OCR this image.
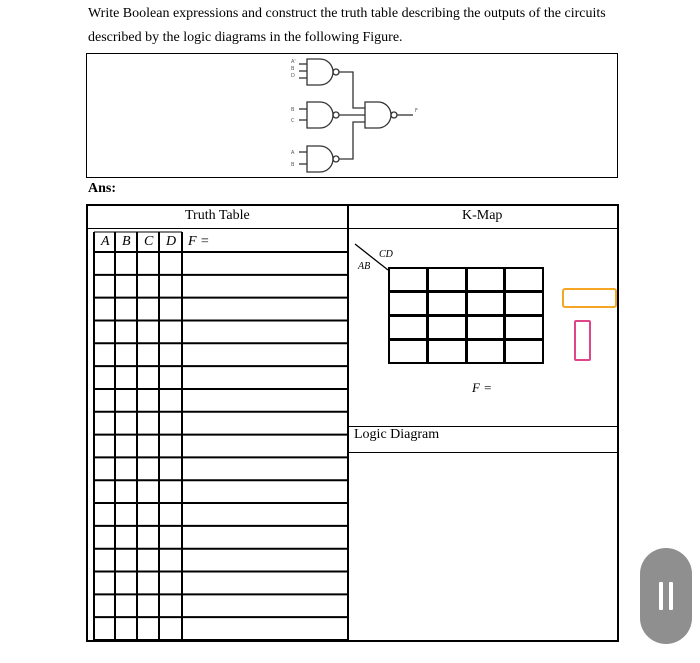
Write Boolean expressions and construct the truth table describing the outputs of the circuits
described by the logic diagrams in the following Figure.
A'
B
D
B
C
A
B
F
Ans:
Truth Table	K-Map
A B C D F =
CD
AB
F =
Logic Diagram
